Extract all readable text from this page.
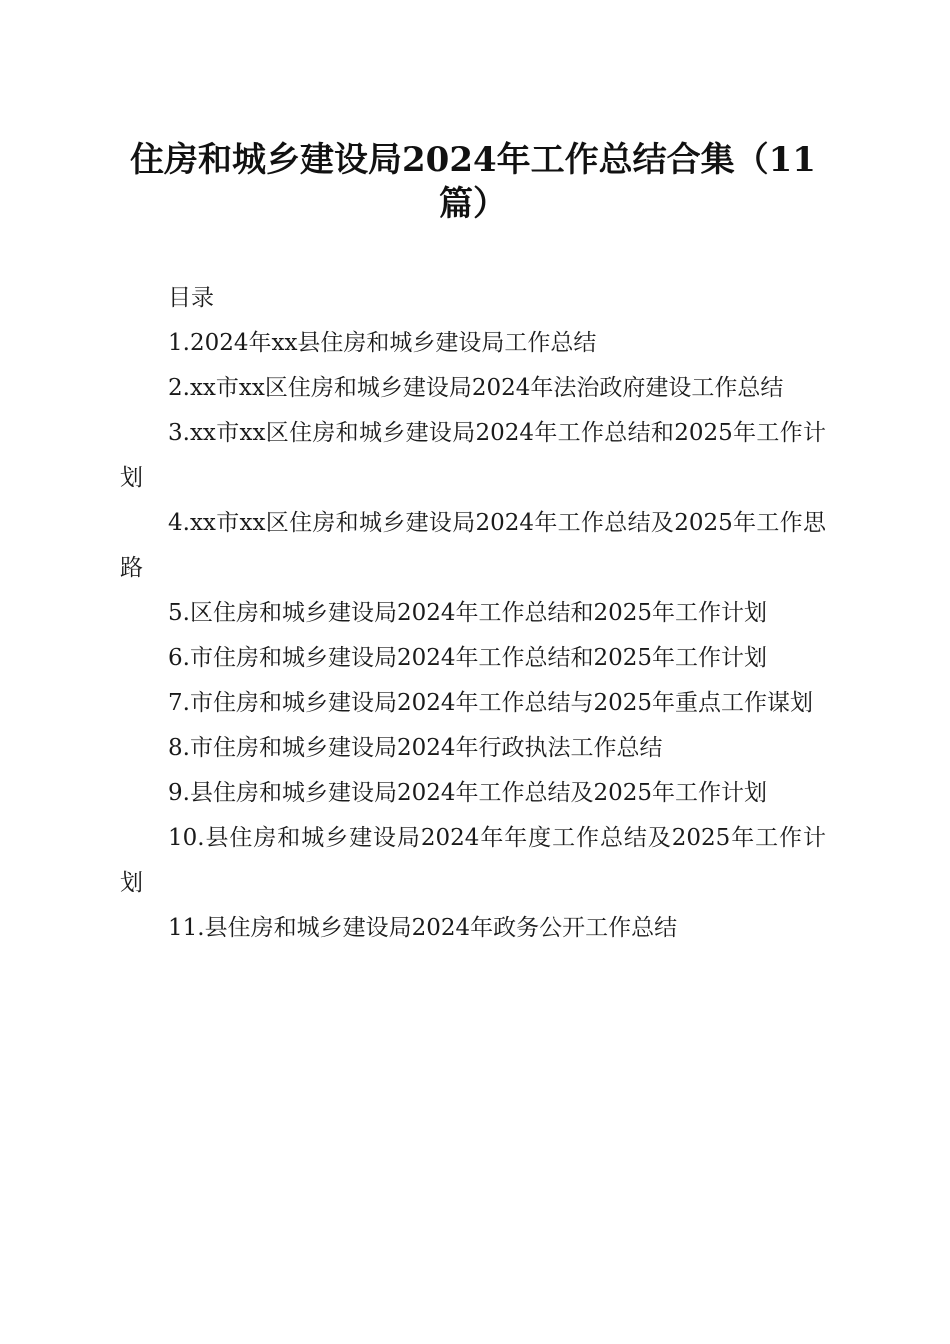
住房和城乡建设局2024年工作总结合集（11篇）
目录
1.2024年xx县住房和城乡建设局工作总结
2.xx市xx区住房和城乡建设局2024年法治政府建设工作总结
3.xx市xx区住房和城乡建设局2024年工作总结和2025年工作计划
4.xx市xx区住房和城乡建设局2024年工作总结及2025年工作思路
5.区住房和城乡建设局2024年工作总结和2025年工作计划
6.市住房和城乡建设局2024年工作总结和2025年工作计划
7.市住房和城乡建设局2024年工作总结与2025年重点工作谋划
8.市住房和城乡建设局2024年行政执法工作总结
9.县住房和城乡建设局2024年工作总结及2025年工作计划
10.县住房和城乡建设局2024年年度工作总结及2025年工作计划
11.县住房和城乡建设局2024年政务公开工作总结
